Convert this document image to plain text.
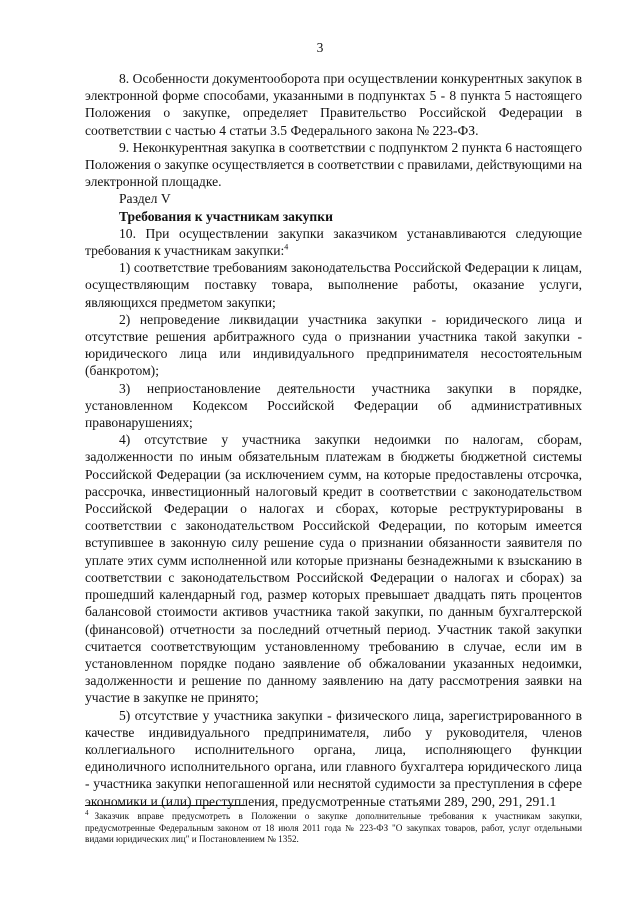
3

8. Особенности документооборота при осуществлении конкурентных закупок в электронной форме способами, указанными в подпунктах 5 - 8 пункта 5 настоящего Положения о закупке, определяет Правительство Российской Федерации в соответствии с частью 4 статьи 3.5 Федерального закона № 223-ФЗ.

9. Неконкурентная закупка в соответствии с подпунктом 2 пункта 6 настоящего Положения о закупке осуществляется в соответствии с правилами, действующими на электронной площадке.

Раздел V

Требования к участникам закупки

10. При осуществлении закупки заказчиком устанавливаются следующие требования к участникам закупки:$^4$

1) соответствие требованиям законодательства Российской Федерации к лицам, осуществляющим поставку товара, выполнение работы, оказание услуги, являющихся предметом закупки;

2) непроведение ликвидации участника закупки - юридического лица и отсутствие решения арбитражного суда о признании участника такой закупки - юридического лица или индивидуального предпринимателя несостоятельным (банкротом);

3) неприостановление деятельности участника закупки в порядке, установленном Кодексом Российской Федерации об административных правонарушениях;

4) отсутствие у участника закупки недоимки по налогам, сборам, задолженности по иным обязательным платежам в бюджеты бюджетной системы Российской Федерации (за исключением сумм, на которые предоставлены отсрочка, рассрочка, инвестиционный налоговый кредит в соответствии с законодательством Российской Федерации о налогах и сборах, которые реструктурированы в соответствии с законодательством Российской Федерации, по которым имеется вступившее в законную силу решение суда о признании обязанности заявителя по уплате этих сумм исполненной или которые признаны безнадежными к взысканию в соответствии с законодательством Российской Федерации о налогах и сборах) за прошедший календарный год, размер которых превышает двадцать пять процентов балансовой стоимости активов участника такой закупки, по данным бухгалтерской (финансовой) отчетности за последний отчетный период. Участник такой закупки считается соответствующим установленному требованию в случае, если им в установленном порядке подано заявление об обжаловании указанных недоимки, задолженности и решение по данному заявлению на дату рассмотрения заявки на участие в закупке не принято;

5) отсутствие у участника закупки - физического лица, зарегистрированного в качестве индивидуального предпринимателя, либо у руководителя, членов коллегиального исполнительного органа, лица, исполняющего функции единоличного исполнительного органа, или главного бухгалтера юридического лица - участника закупки непогашенной или неснятой судимости за преступления в сфере экономики и (или) преступления, предусмотренные статьями 289, 290, 291, 291.1

$^4$ Заказчик вправе предусмотреть в Положении о закупке дополнительные требования к участникам закупки, предусмотренные Федеральным законом от 18 июля 2011 года № 223-ФЗ "О закупках товаров, работ, услуг отдельными видами юридических лиц" и Постановлением № 1352.
